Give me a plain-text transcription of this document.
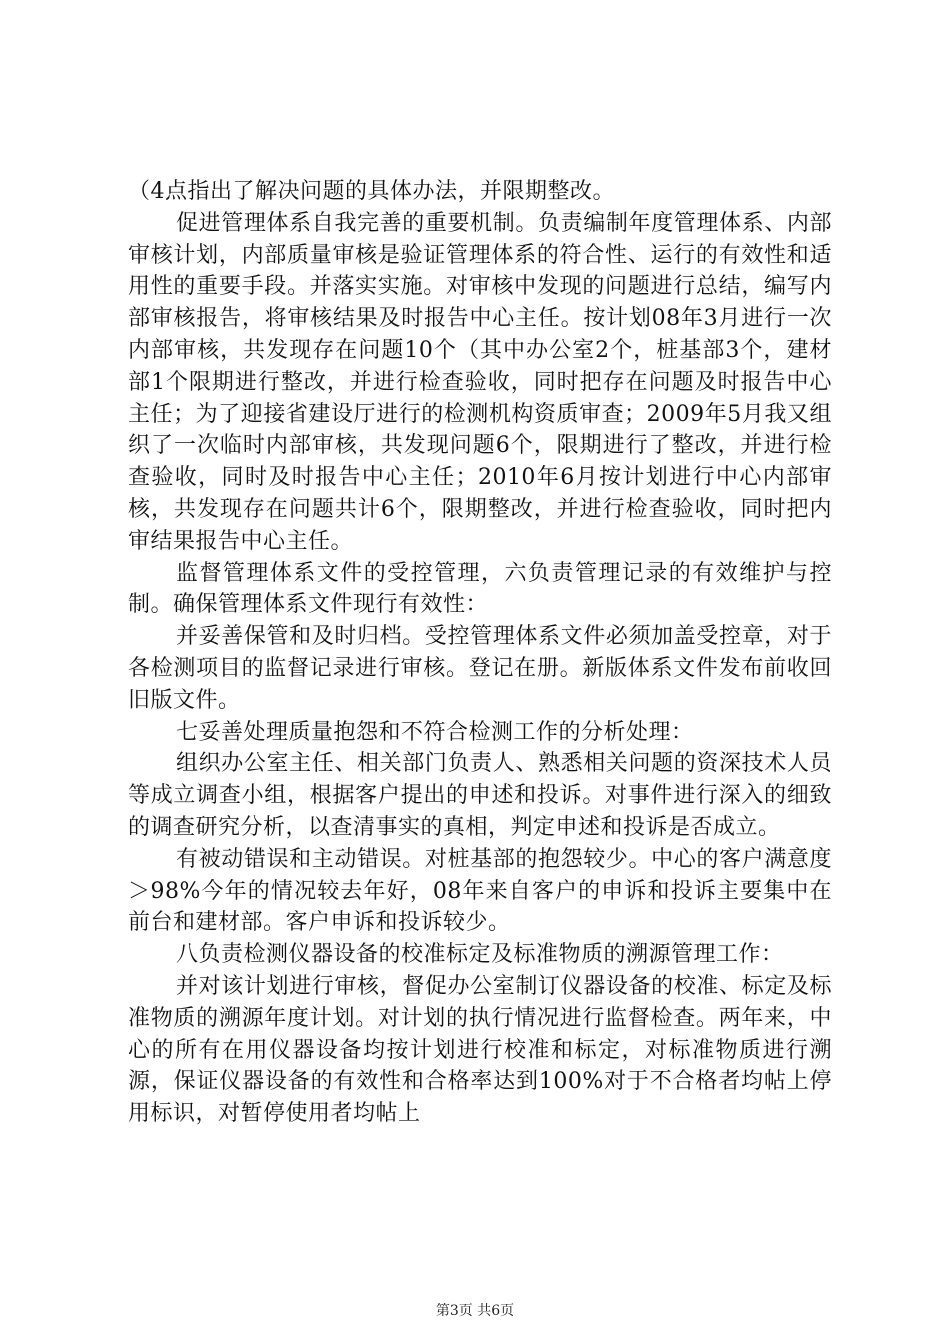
（4点指出了解决问题的具体办法，并限期整改。

促进管理体系自我完善的重要机制。负责编制年度管理体系、内部审核计划，内部质量审核是验证管理体系的符合性、运行的有效性和适用性的重要手段。并落实实施。对审核中发现的问题进行总结，编写内部审核报告，将审核结果及时报告中心主任。按计划08年3月进行一次内部审核，共发现存在问题10个（其中办公室2个，桩基部3个，建材部1个限期进行整改，并进行检查验收，同时把存在问题及时报告中心主任；为了迎接省建设厅进行的检测机构资质审查；2009年5月我又组织了一次临时内部审核，共发现问题6个，限期进行了整改，并进行检查验收，同时及时报告中心主任；2010年6月按计划进行中心内部审核，共发现存在问题共计6个，限期整改，并进行检查验收，同时把内审结果报告中心主任。

监督管理体系文件的受控管理，六负责管理记录的有效维护与控制。确保管理体系文件现行有效性：

并妥善保管和及时归档。受控管理体系文件必须加盖受控章，对于各检测项目的监督记录进行审核。登记在册。新版体系文件发布前收回旧版文件。

七妥善处理质量抱怨和不符合检测工作的分析处理：

组织办公室主任、相关部门负责人、熟悉相关问题的资深技术人员等成立调查小组，根据客户提出的申述和投诉。对事件进行深入的细致的调查研究分析，以查清事实的真相，判定申述和投诉是否成立。

有被动错误和主动错误。对桩基部的抱怨较少。中心的客户满意度＞98%今年的情况较去年好，08年来自客户的申诉和投诉主要集中在前台和建材部。客户申诉和投诉较少。

八负责检测仪器设备的校准标定及标准物质的溯源管理工作：

并对该计划进行审核，督促办公室制订仪器设备的校准、标定及标准物质的溯源年度计划。对计划的执行情况进行监督检查。两年来，中心的所有在用仪器设备均按计划进行校准和标定，对标准物质进行溯源，保证仪器设备的有效性和合格率达到100%对于不合格者均帖上停用标识，对暂停使用者均帖上

第3页 共6页
